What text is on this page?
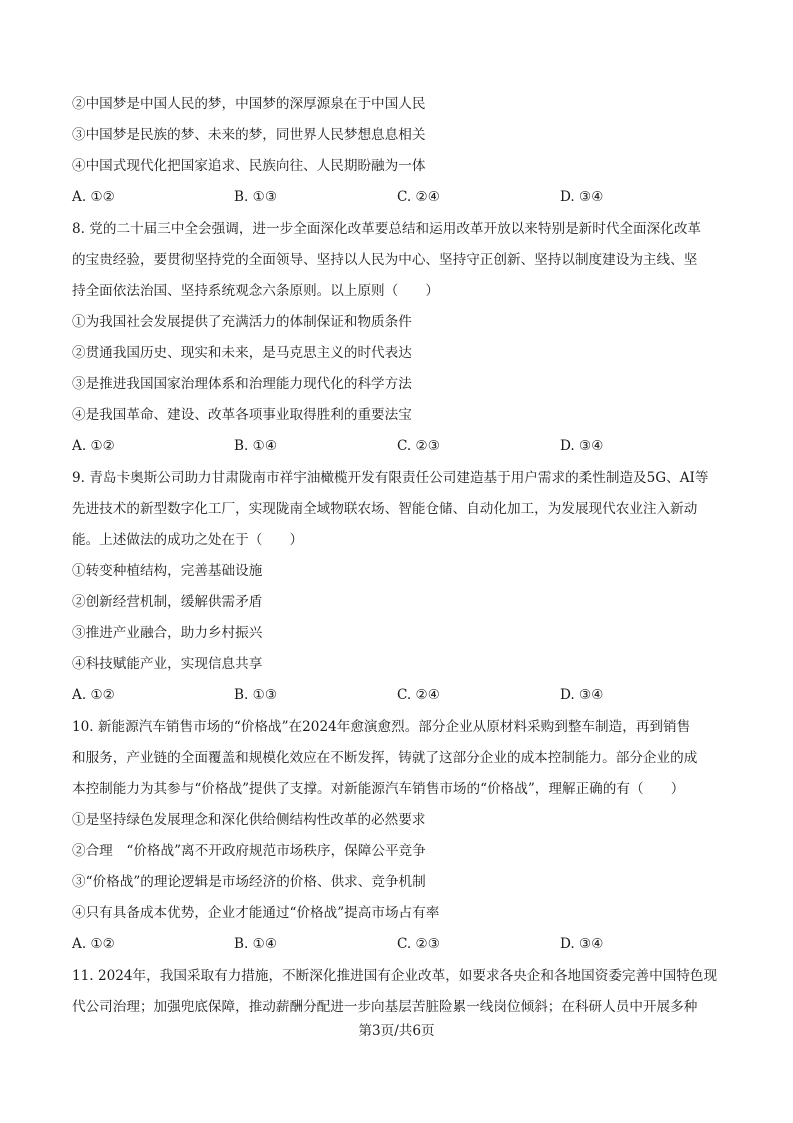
②中国梦是中国人民的梦，中国梦的深厚源泉在于中国人民
③中国梦是民族的梦、未来的梦，同世界人民梦想息息相关
④中国式现代化把国家追求、民族向往、人民期盼融为一体
A. ①②	B. ①③	C. ②④	D. ③④
8. 党的二十届三中全会强调，进一步全面深化改革要总结和运用改革开放以来特别是新时代全面深化改革
的宝贵经验，要贯彻坚持党的全面领导、坚持以人民为中心、坚持守正创新、坚持以制度建设为主线、坚
持全面依法治国、坚持系统观念六条原则。以上原则（　　）
①为我国社会发展提供了充满活力的体制保证和物质条件
②贯通我国历史、现实和未来，是马克思主义的时代表达
③是推进我国国家治理体系和治理能力现代化的科学方法
④是我国革命、建设、改革各项事业取得胜利的重要法宝
A. ①②	B. ①④	C. ②③	D. ③④
9. 青岛卡奥斯公司助力甘肃陇南市祥宇油橄榄开发有限责任公司建造基于用户需求的柔性制造及5G、AI等
先进技术的新型数字化工厂，实现陇南全域物联农场、智能仓储、自动化加工，为发展现代农业注入新动
能。上述做法的成功之处在于（　　）
①转变种植结构，完善基础设施
②创新经营机制，缓解供需矛盾
③推进产业融合，助力乡村振兴
④科技赋能产业，实现信息共享
A. ①②	B. ①③	C. ②④	D. ③④
10. 新能源汽车销售市场的“价格战”在2024年愈演愈烈。部分企业从原材料采购到整车制造，再到销售
和服务，产业链的全面覆盖和规模化效应在不断发挥，铸就了这部分企业的成本控制能力。部分企业的成
本控制能力为其参与“价格战”提供了支撑。对新能源汽车销售市场的“价格战”，理解正确的有（　　）
①是坚持绿色发展理念和深化供给侧结构性改革的必然要求
②合理　“价格战”离不开政府规范市场秩序，保障公平竞争
③“价格战”的理论逻辑是市场经济的价格、供求、竞争机制
④只有具备成本优势，企业才能通过“价格战”提高市场占有率
A. ①②	B. ①④	C. ②③	D. ③④
11. 2024年，我国采取有力措施，不断深化推进国有企业改革，如要求各央企和各地国资委完善中国特色现
代公司治理；加强兜底保障，推动薪酬分配进一步向基层苦脏险累一线岗位倾斜；在科研人员中开展多种
第3页/共6页
